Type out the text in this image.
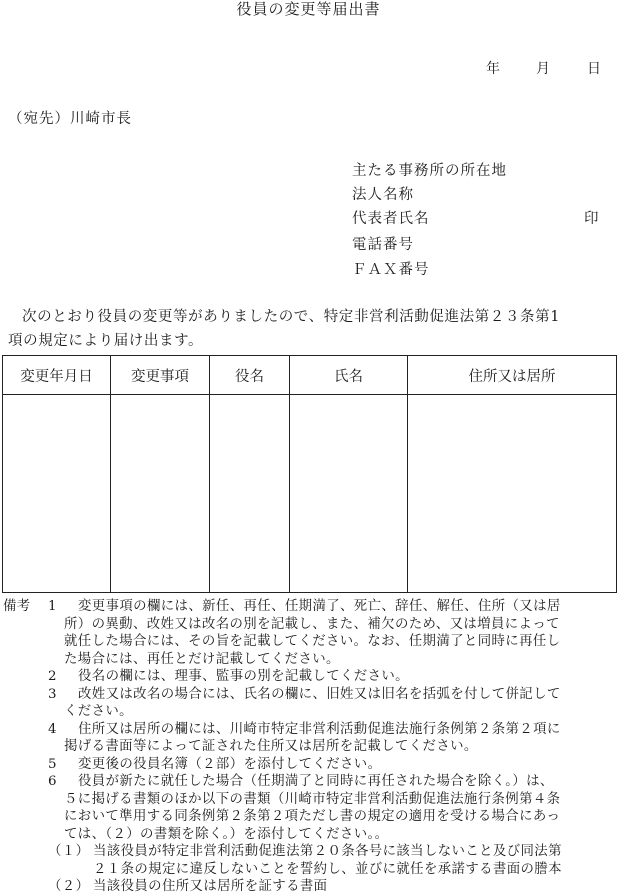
役員の変更等届出書
年	月	日
（宛先）川崎市長
主たる事務所の所在地
法人名称
代表者氏名	印
電話番号
ＦＡＸ番号
次のとおり役員の変更等がありましたので、特定非営利活動促進法第２３条第1
項の規定により届け出ます。
変更年月日	変更事項	役名	氏名	住所又は居所

備考 1 変更事項の欄には、新任、再任、任期満了、死亡、辞任、解任、住所（又は居
所）の異動、改姓又は改名の別を記載し、また、補欠のため、又は増員によって
就任した場合には、その旨を記載してください。なお、任期満了と同時に再任し
た場合には、再任とだけ記載してください。
2 役名の欄には、理事、監事の別を記載してください。
3 改姓又は改名の場合には、氏名の欄に、旧姓又は旧名を括弧を付して併記して
ください。
4 住所又は居所の欄には、川崎市特定非営利活動促進法施行条例第２条第２項に
掲げる書面等によって証された住所又は居所を記載してください。
5 変更後の役員名簿（２部）を添付してください。
6 役員が新たに就任した場合（任期満了と同時に再任された場合を除く。）は、
５に掲げる書類のほか以下の書類（川崎市特定非営利活動促進法施行条例第４条
において準用する同条例第２条第２項ただし書の規定の適用を受ける場合にあっ
ては、（２）の書類を除く。）を添付してください。。
（１） 当該役員が特定非営利活動促進法第２０条各号に該当しないこと及び同法第
２１条の規定に違反しないことを誓約し、並びに就任を承諾する書面の謄本
（２） 当該役員の住所又は居所を証する書面
